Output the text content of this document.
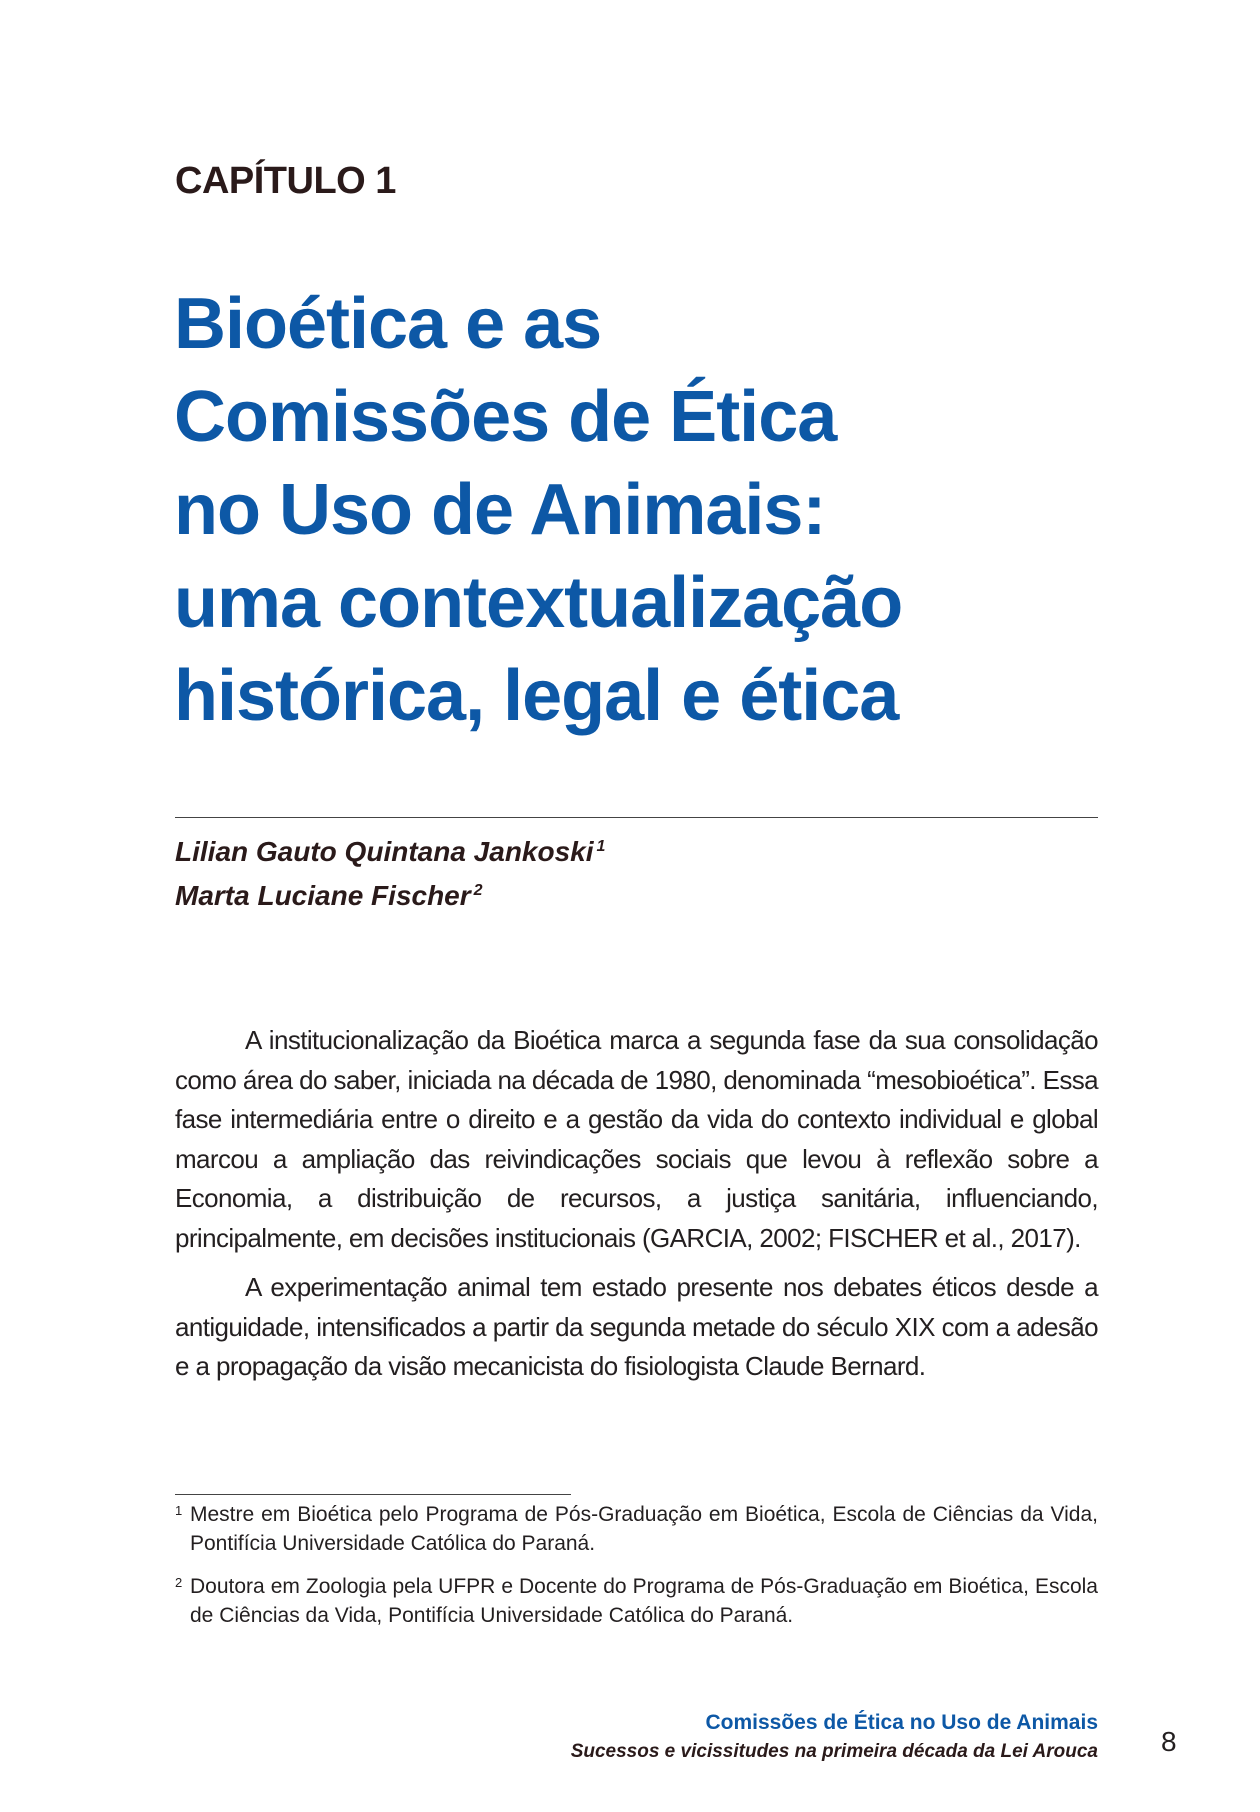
CAPÍTULO 1
Bioética e as
Comissões de Ética
no Uso de Animais:
uma contextualização
histórica, legal e ética
Lilian Gauto Quintana Jankoski $^1$
Marta Luciane Fischer $^2$

A institucionalização da Bioética marca a segunda fase da sua consolidação como área do saber, iniciada na década de 1980, denominada “mesobioética”. Essa fase intermediária entre o direito e a gestão da vida do contexto individual e global marcou a ampliação das reivindicações sociais que levou à reflexão sobre a Economia, a distribuição de recursos, a justiça sanitária, influenciando, principalmente, em decisões institucionais (GARCIA, 2002; FISCHER et al., 2017).

A experimentação animal tem estado presente nos debates éticos desde a antiguidade, intensificados a partir da segunda metade do século XIX com a adesão e a propagação da visão mecanicista do fisiologista Claude Bernard.

1 Mestre em Bioética pelo Programa de Pós-Graduação em Bioética, Escola de Ciências da Vida, Pontifícia Universidade Católica do Paraná.
2 Doutora em Zoologia pela UFPR e Docente do Programa de Pós-Graduação em Bioética, Escola de Ciências da Vida, Pontifícia Universidade Católica do Paraná.
Comissões de Ética no Uso de Animais
Sucessos e vicissitudes na primeira década da Lei Arouca 8
